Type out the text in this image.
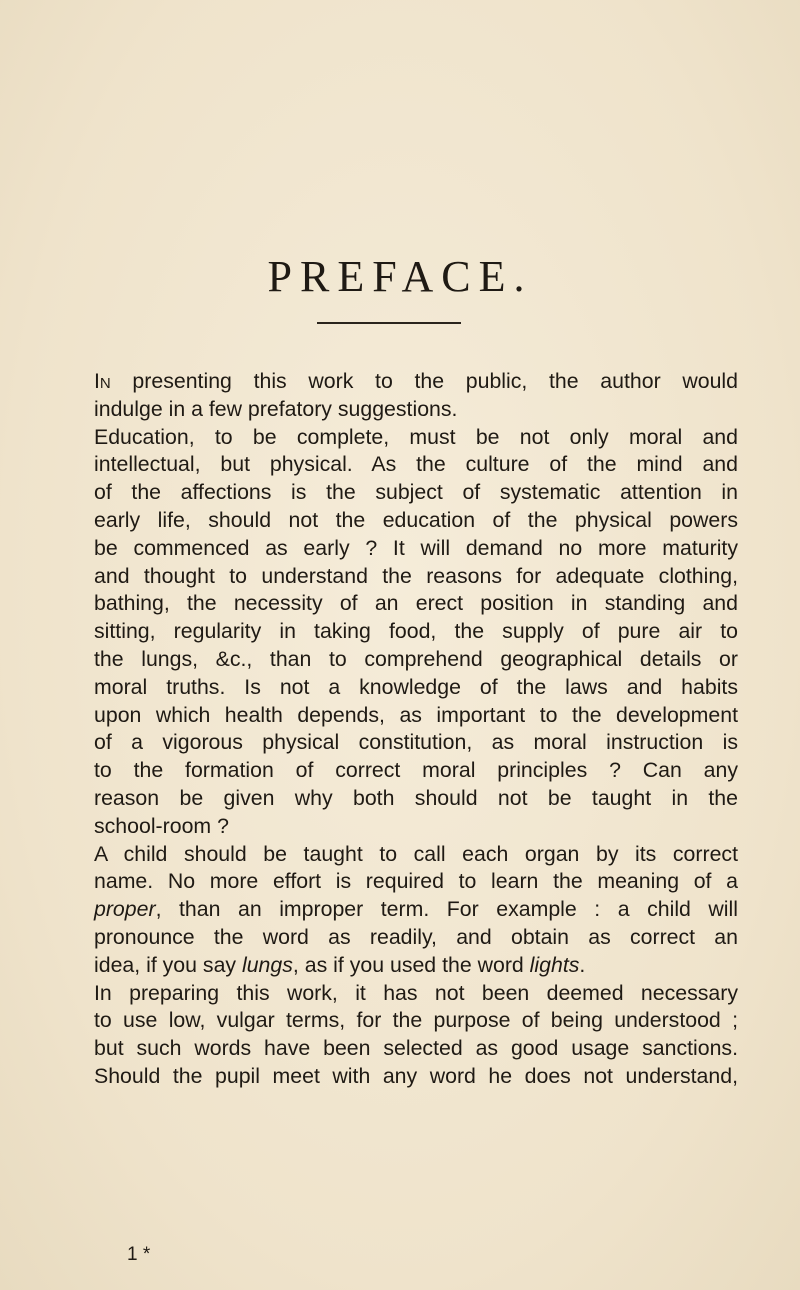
PREFACE.

In presenting this work to the public, the author would
indulge in a few prefatory suggestions.

Education, to be complete, must be not only moral and
intellectual, but physical. As the culture of the mind and
of the affections is the subject of systematic attention in
early life, should not the education of the physical powers
be commenced as early ? It will demand no more maturity
and thought to understand the reasons for adequate clothing,
bathing, the necessity of an erect position in standing and
sitting, regularity in taking food, the supply of pure air to
the lungs, &c., than to comprehend geographical details or
moral truths. Is not a knowledge of the laws and habits
upon which health depends, as important to the development
of a vigorous physical constitution, as moral instruction is
to the formation of correct moral principles ? Can any
reason be given why both should not be taught in the
school-room ?

A child should be taught to call each organ by its correct
name. No more effort is required to learn the meaning of a
proper, than an improper term. For example : a child will
pronounce the word as readily, and obtain as correct an
idea, if you say lungs, as if you used the word lights.

In preparing this work, it has not been deemed necessary
to use low, vulgar terms, for the purpose of being understood ;
but such words have been selected as good usage sanctions.
Should the pupil meet with any word he does not understand,

1 *
